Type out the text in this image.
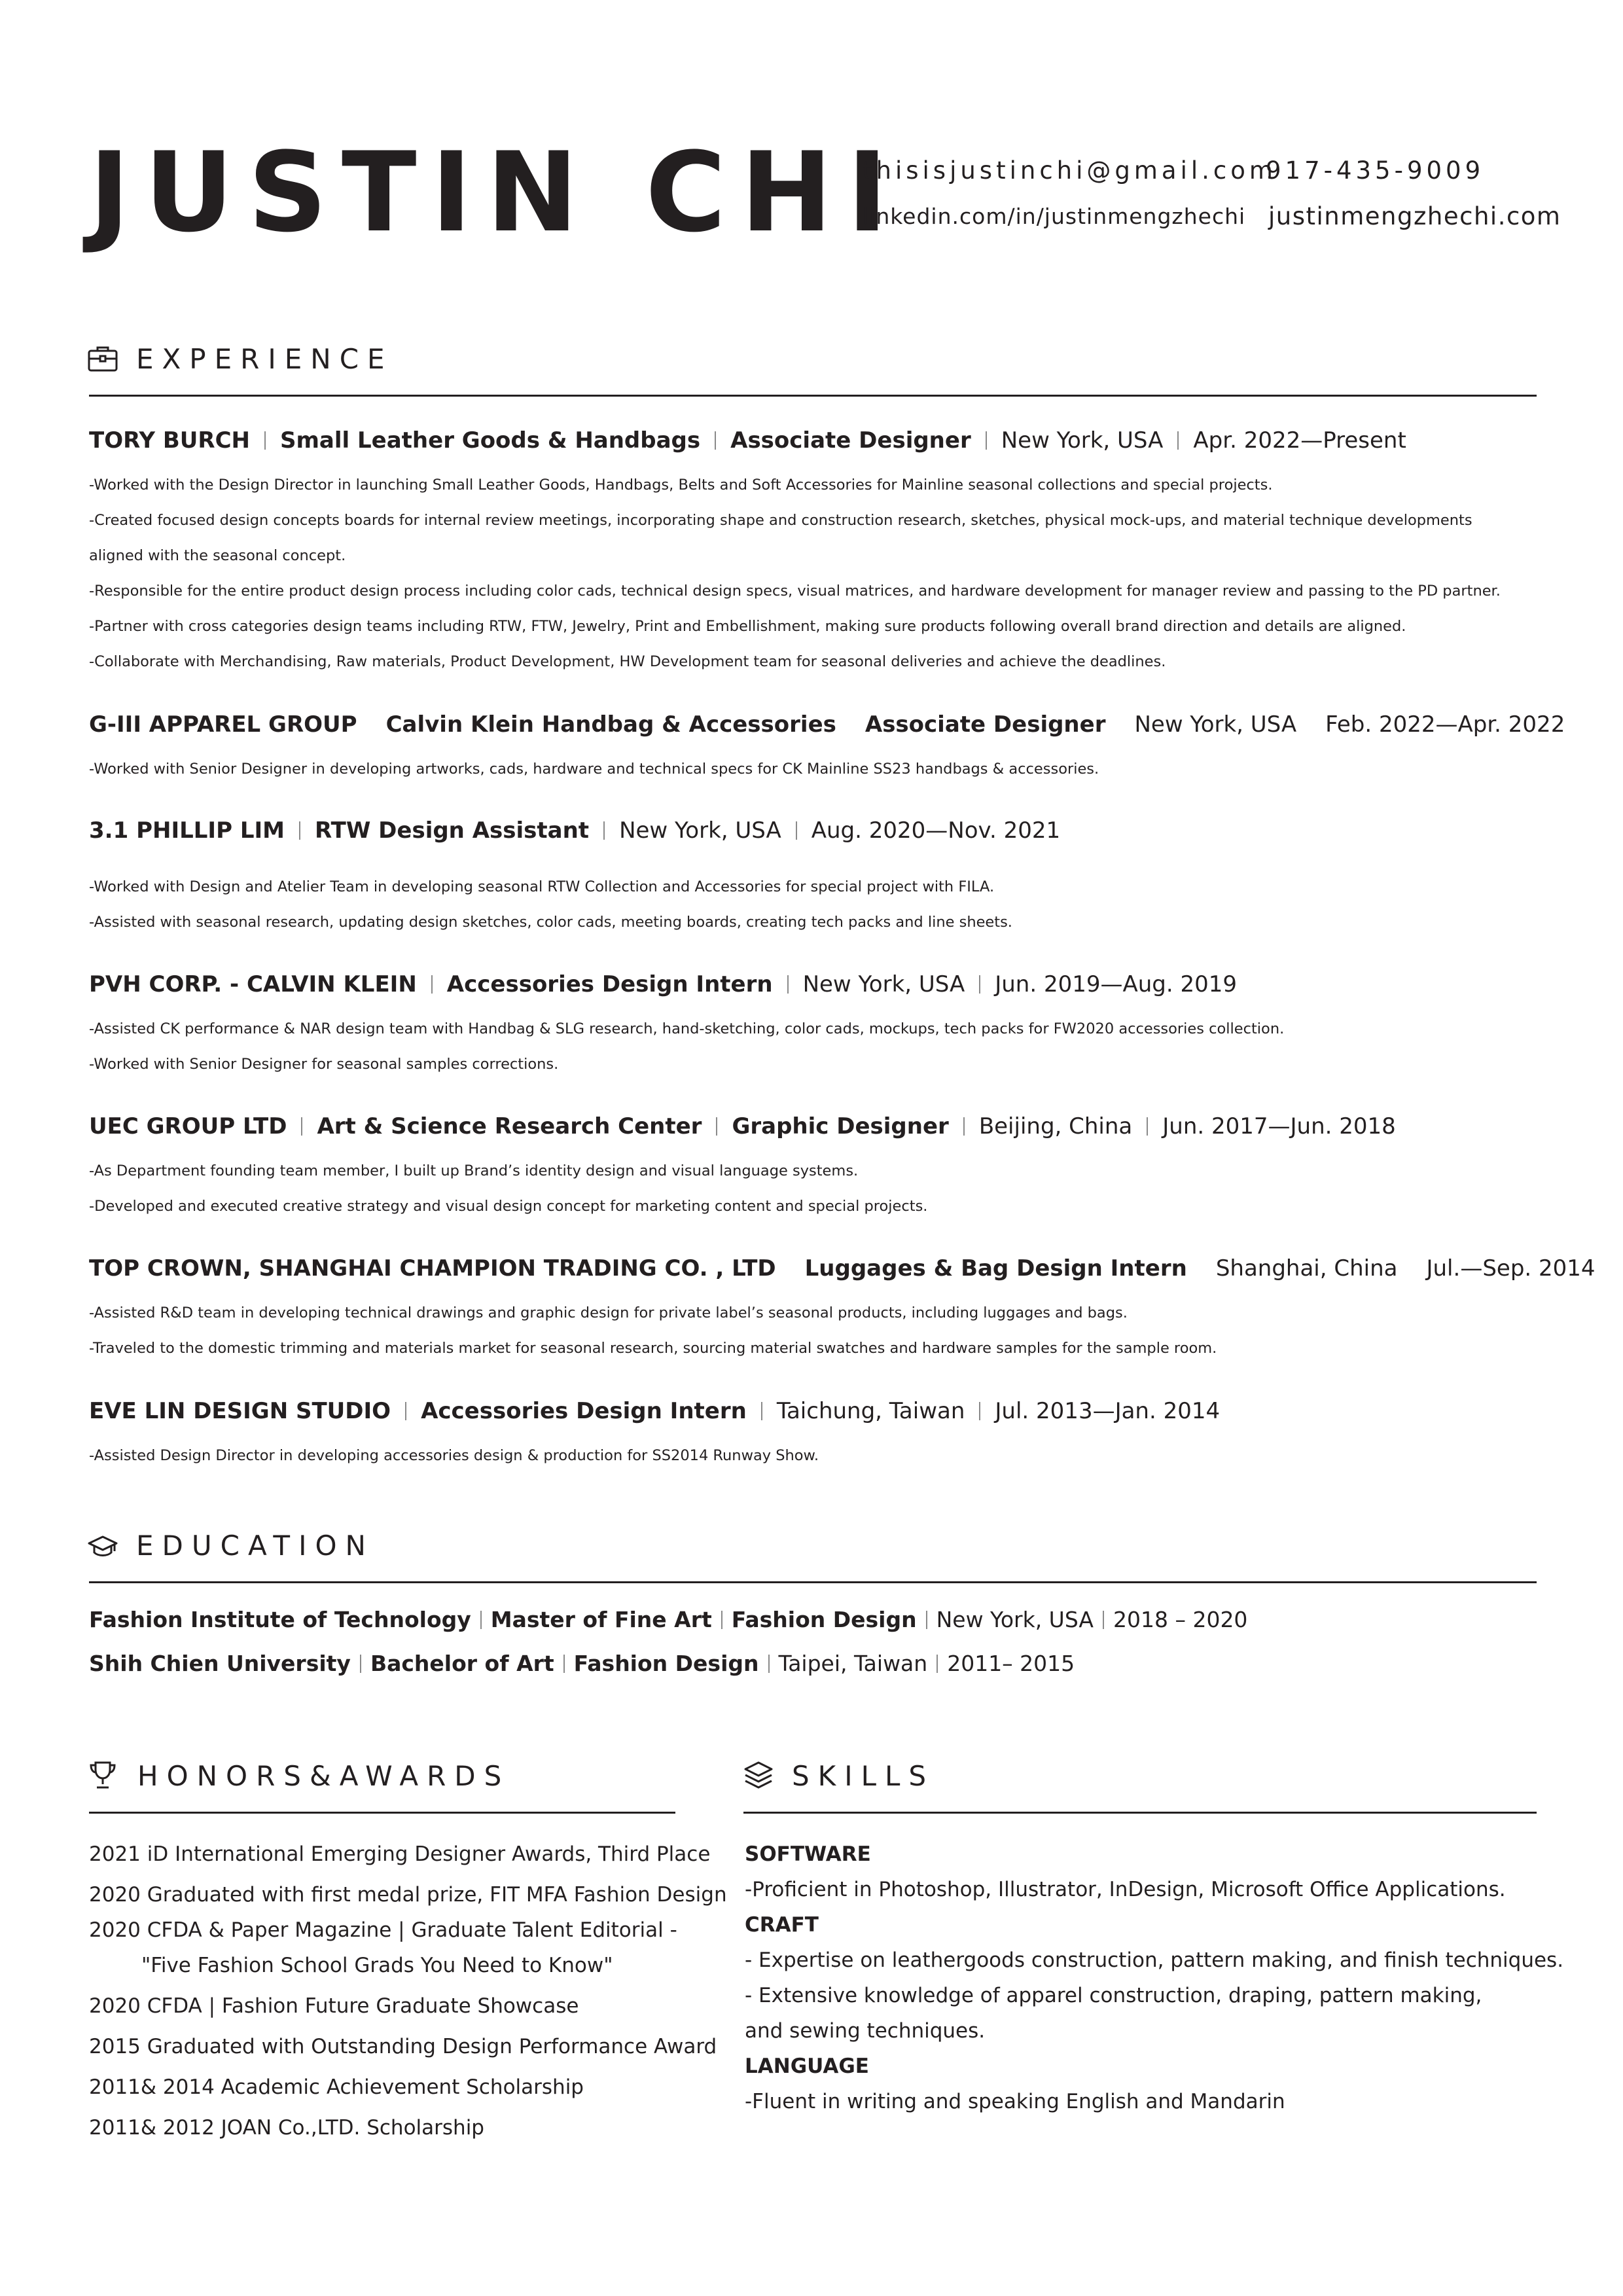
JUSTIN CHI
thisisjustinchi@gmail.com
917-435-9009
linkedin.com/in/justinmengzhechi justinmengzhechi.com
EXPERIENCE
TORY BURCH Small Leather Goods & Handbags Associate Designer New York, USA Apr. 2022—Present
-Worked with the Design Director in launching Small Leather Goods, Handbags, Belts and Soft Accessories for Mainline seasonal collections and special projects.
-Created focused design concepts boards for internal review meetings, incorporating shape and construction research, sketches, physical mock-ups, and material technique developments
aligned with the seasonal concept.
-Responsible for the entire product design process including color cads, technical design specs, visual matrices, and hardware development for manager review and passing to the PD partner.
-Partner with cross categories design teams including RTW, FTW, Jewelry, Print and Embellishment, making sure products following overall brand direction and details are aligned.
-Collaborate with Merchandising, Raw materials, Product Development, HW Development team for seasonal deliveries and achieve the deadlines.
G-III APPAREL GROUP Calvin Klein Handbag & Accessories Associate Designer New York, USA Feb. 2022—Apr. 2022
-Worked with Senior Designer in developing artworks, cads, hardware and technical specs for CK Mainline SS23 handbags & accessories.
3.1 PHILLIP LIM RTW Design Assistant New York, USA Aug. 2020—Nov. 2021
-Worked with Design and Atelier Team in developing seasonal RTW Collection and Accessories for special project with FILA.
-Assisted with seasonal research, updating design sketches, color cads, meeting boards, creating tech packs and line sheets.
PVH CORP. - CALVIN KLEIN Accessories Design Intern New York, USA Jun. 2019—Aug. 2019
-Assisted CK performance & NAR design team with Handbag & SLG research, hand-sketching, color cads, mockups, tech packs for FW2020 accessories collection.
-Worked with Senior Designer for seasonal samples corrections.
UEC GROUP LTD Art & Science Research Center Graphic Designer Beijing, China Jun. 2017—Jun. 2018
-As Department founding team member, I built up Brand’s identity design and visual language systems.
-Developed and executed creative strategy and visual design concept for marketing content and special projects.
TOP CROWN, SHANGHAI CHAMPION TRADING CO. , LTD Luggages & Bag Design Intern Shanghai, China Jul.—Sep. 2014
-Assisted R&D team in developing technical drawings and graphic design for private label’s seasonal products, including luggages and bags.
-Traveled to the domestic trimming and materials market for seasonal research, sourcing material swatches and hardware samples for the sample room.
EVE LIN DESIGN STUDIO Accessories Design Intern Taichung, Taiwan Jul. 2013—Jan. 2014
-Assisted Design Director in developing accessories design & production for SS2014 Runway Show.
EDUCATION
Fashion Institute of Technology Master of Fine Art Fashion Design New York, USA 2018 – 2020
Shih Chien University Bachelor of Art Fashion Design Taipei, Taiwan 2011– 2015
HONORS&AWARDS
2021 iD International Emerging Designer Awards, Third Place
2020 Graduated with first medal prize, FIT MFA Fashion Design
2020 CFDA & Paper Magazine | Graduate Talent Editorial -
"Five Fashion School Grads You Need to Know"
2020 CFDA | Fashion Future Graduate Showcase
2015 Graduated with Outstanding Design Performance Award
2011& 2014 Academic Achievement Scholarship
2011& 2012 JOAN Co.,LTD. Scholarship
SKILLS
SOFTWARE
-Proficient in Photoshop, Illustrator, InDesign, Microsoft Office Applications.
CRAFT
- Expertise on leathergoods construction, pattern making, and finish techniques.
- Extensive knowledge of apparel construction, draping, pattern making,
and sewing techniques.
LANGUAGE
-Fluent in writing and speaking English and Mandarin
